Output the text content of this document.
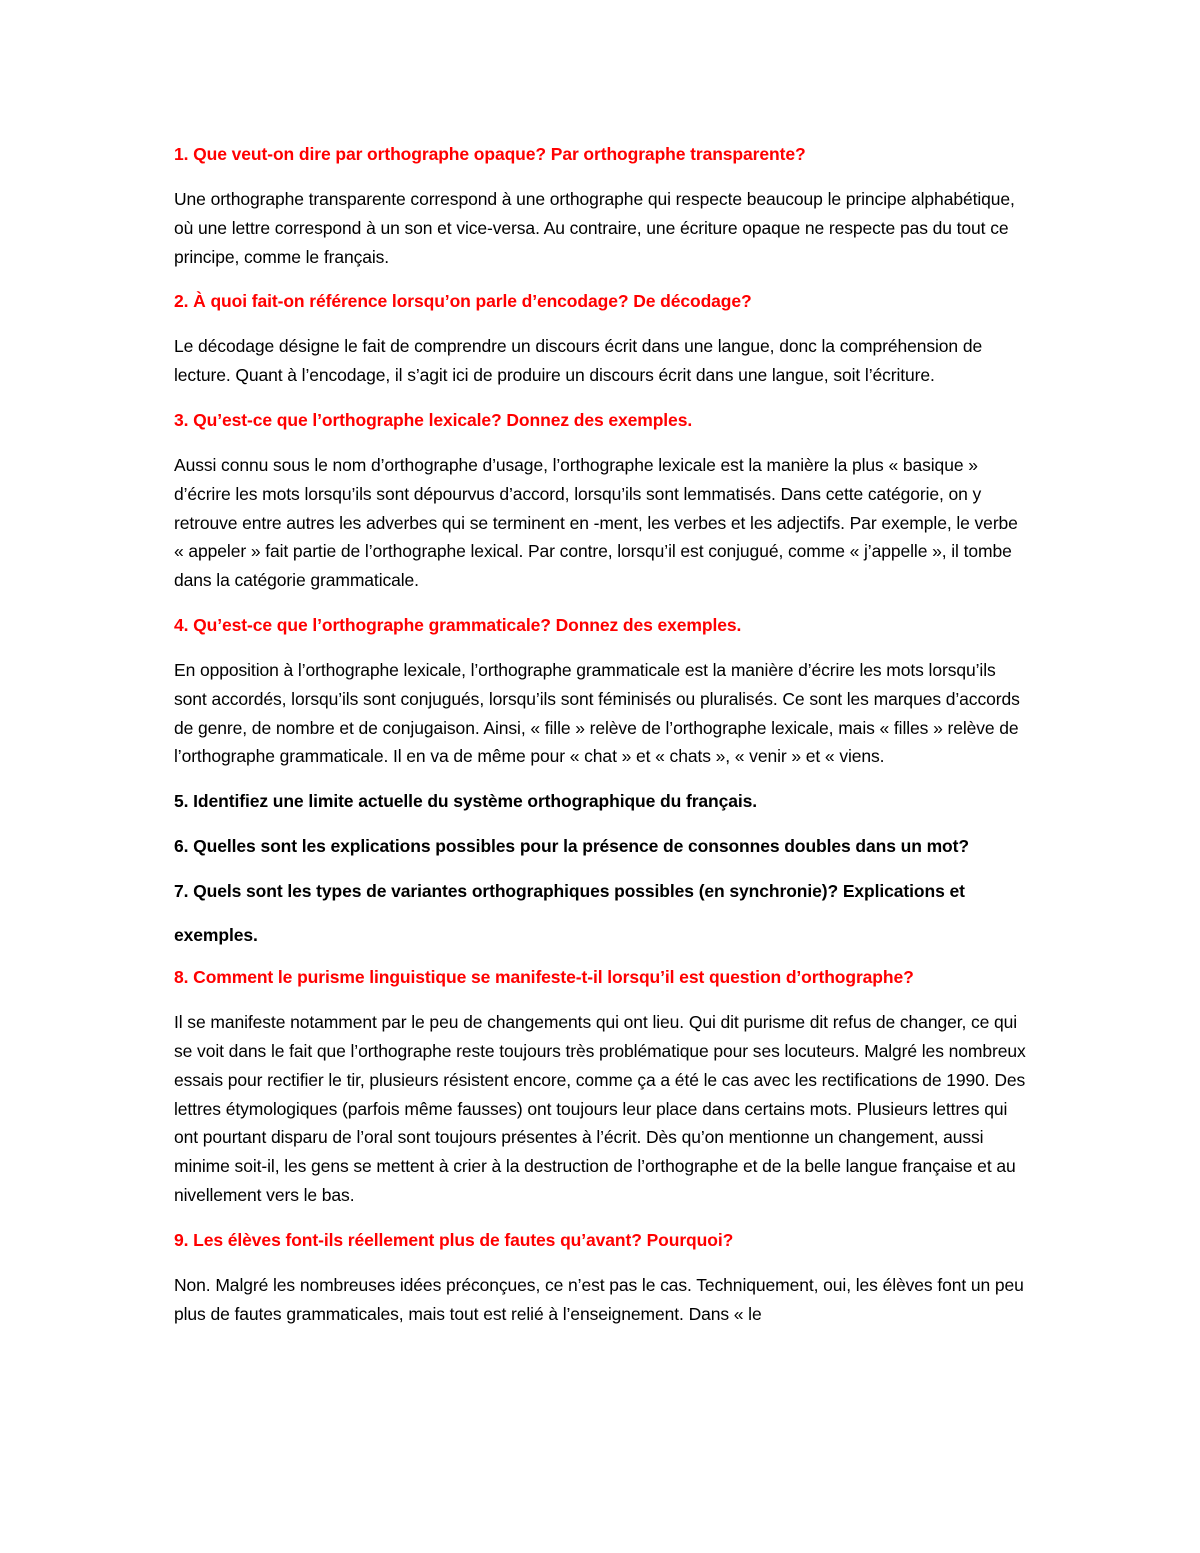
1. Que veut-on dire par orthographe opaque? Par orthographe transparente?

Une orthographe transparente correspond à une orthographe qui respecte beaucoup le principe alphabétique, où une lettre correspond à un son et vice-versa. Au contraire, une écriture opaque ne respecte pas du tout ce principe, comme le français.

2. À quoi fait-on référence lorsqu’on parle d’encodage? De décodage?

Le décodage désigne le fait de comprendre un discours écrit dans une langue, donc la compréhension de lecture. Quant à l’encodage, il s’agit ici de produire un discours écrit dans une langue, soit l’écriture.

3. Qu’est-ce que l’orthographe lexicale? Donnez des exemples.

Aussi connu sous le nom d’orthographe d’usage, l’orthographe lexicale est la manière la plus « basique » d’écrire les mots lorsqu’ils sont dépourvus d’accord, lorsqu’ils sont lemmatisés. Dans cette catégorie, on y retrouve entre autres les adverbes qui se terminent en -ment, les verbes et les adjectifs. Par exemple, le verbe « appeler » fait partie de l’orthographe lexical. Par contre, lorsqu’il est conjugué, comme « j’appelle », il tombe dans la catégorie grammaticale.

4. Qu’est-ce que l’orthographe grammaticale? Donnez des exemples.

En opposition à l’orthographe lexicale, l’orthographe grammaticale est la manière d’écrire les mots lorsqu’ils sont accordés, lorsqu’ils sont conjugués, lorsqu’ils sont féminisés ou pluralisés. Ce sont les marques d’accords de genre, de nombre et de conjugaison. Ainsi, « fille » relève de l’orthographe lexicale, mais « filles » relève de l’orthographe grammaticale. Il en va de même pour « chat » et « chats », « venir » et « viens.

5. Identifiez une limite actuelle du système orthographique du français.

6. Quelles sont les explications possibles pour la présence de consonnes doubles dans un mot?

7. Quels sont les types de variantes orthographiques possibles (en synchronie)? Explications et exemples.

8. Comment le purisme linguistique se manifeste-t-il lorsqu’il est question d’orthographe?

Il se manifeste notamment par le peu de changements qui ont lieu. Qui dit purisme dit refus de changer, ce qui se voit dans le fait que l’orthographe reste toujours très problématique pour ses locuteurs. Malgré les nombreux essais pour rectifier le tir, plusieurs résistent encore, comme ça a été le cas avec les rectifications de 1990. Des lettres étymologiques (parfois même fausses) ont toujours leur place dans certains mots. Plusieurs lettres qui ont pourtant disparu de l’oral sont toujours présentes à l’écrit. Dès qu’on mentionne un changement, aussi minime soit-il, les gens se mettent à crier à la destruction de l’orthographe et de la belle langue française et au nivellement vers le bas.

9. Les élèves font-ils réellement plus de fautes qu’avant? Pourquoi?

Non. Malgré les nombreuses idées préconçues, ce n’est pas le cas. Techniquement, oui, les élèves font un peu plus de fautes grammaticales, mais tout est relié à l’enseignement. Dans « le
